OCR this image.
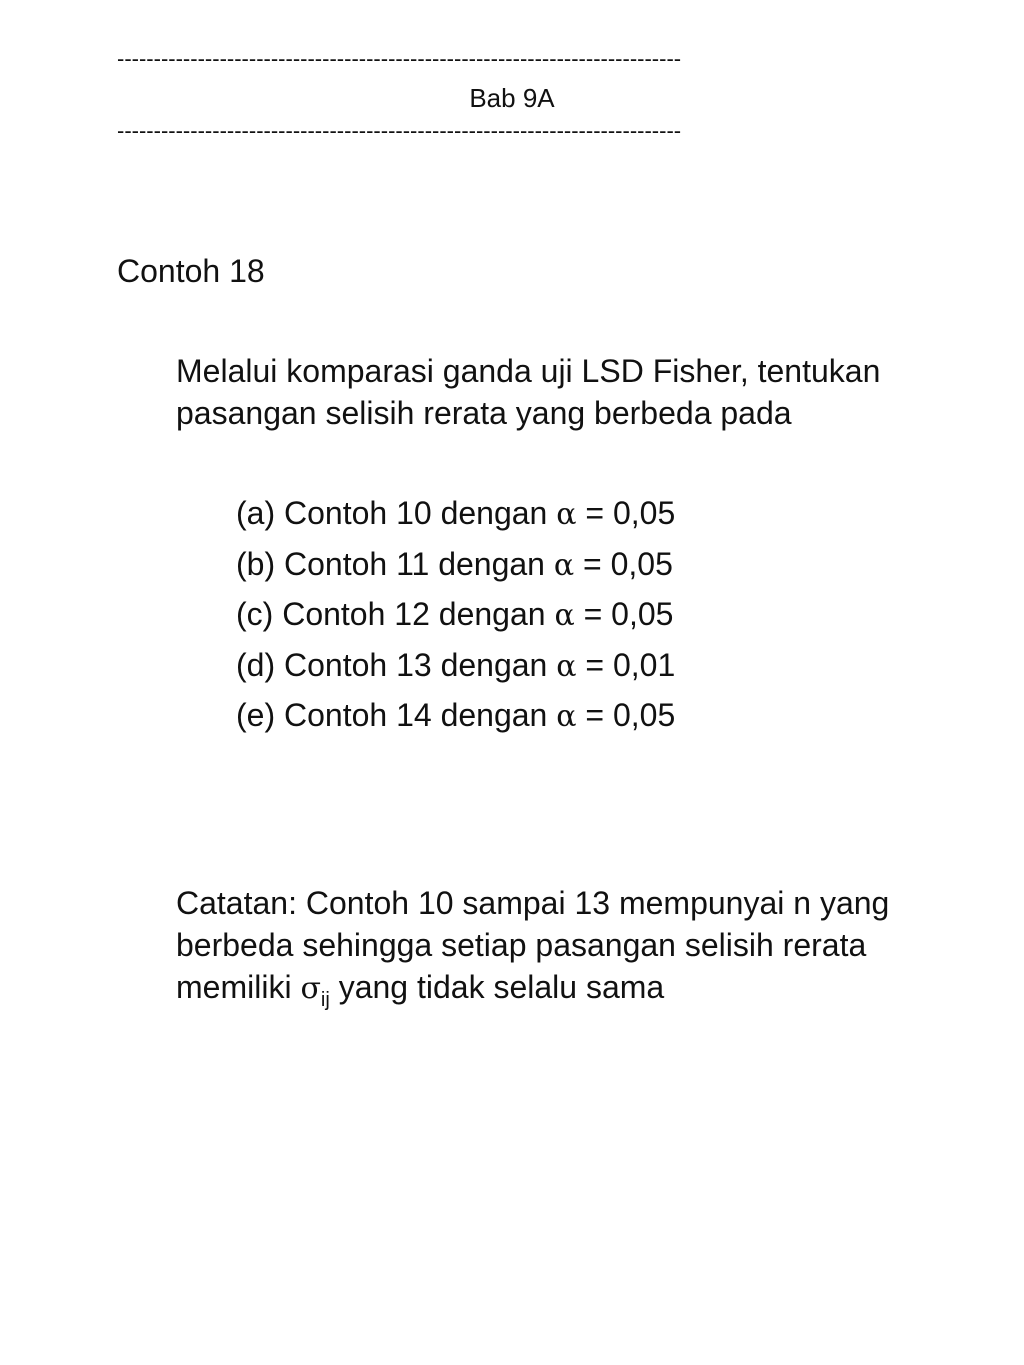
-----------------------------------------------------------------------------
Bab 9A
-----------------------------------------------------------------------------
Contoh 18
Melalui komparasi ganda uji LSD Fisher, tentukan
pasangan selisih rerata yang berbeda pada
(a) Contoh 10 dengan α = 0,05
(b) Contoh 11 dengan α = 0,05
(c) Contoh 12 dengan α = 0,05
(d) Contoh 13 dengan α = 0,01
(e) Contoh 14 dengan α = 0,05
Catatan: Contoh 10 sampai 13 mempunyai n yang
berbeda sehingga setiap pasangan selisih rerata
memiliki $\sigma_{ij}$ yang tidak selalu sama
